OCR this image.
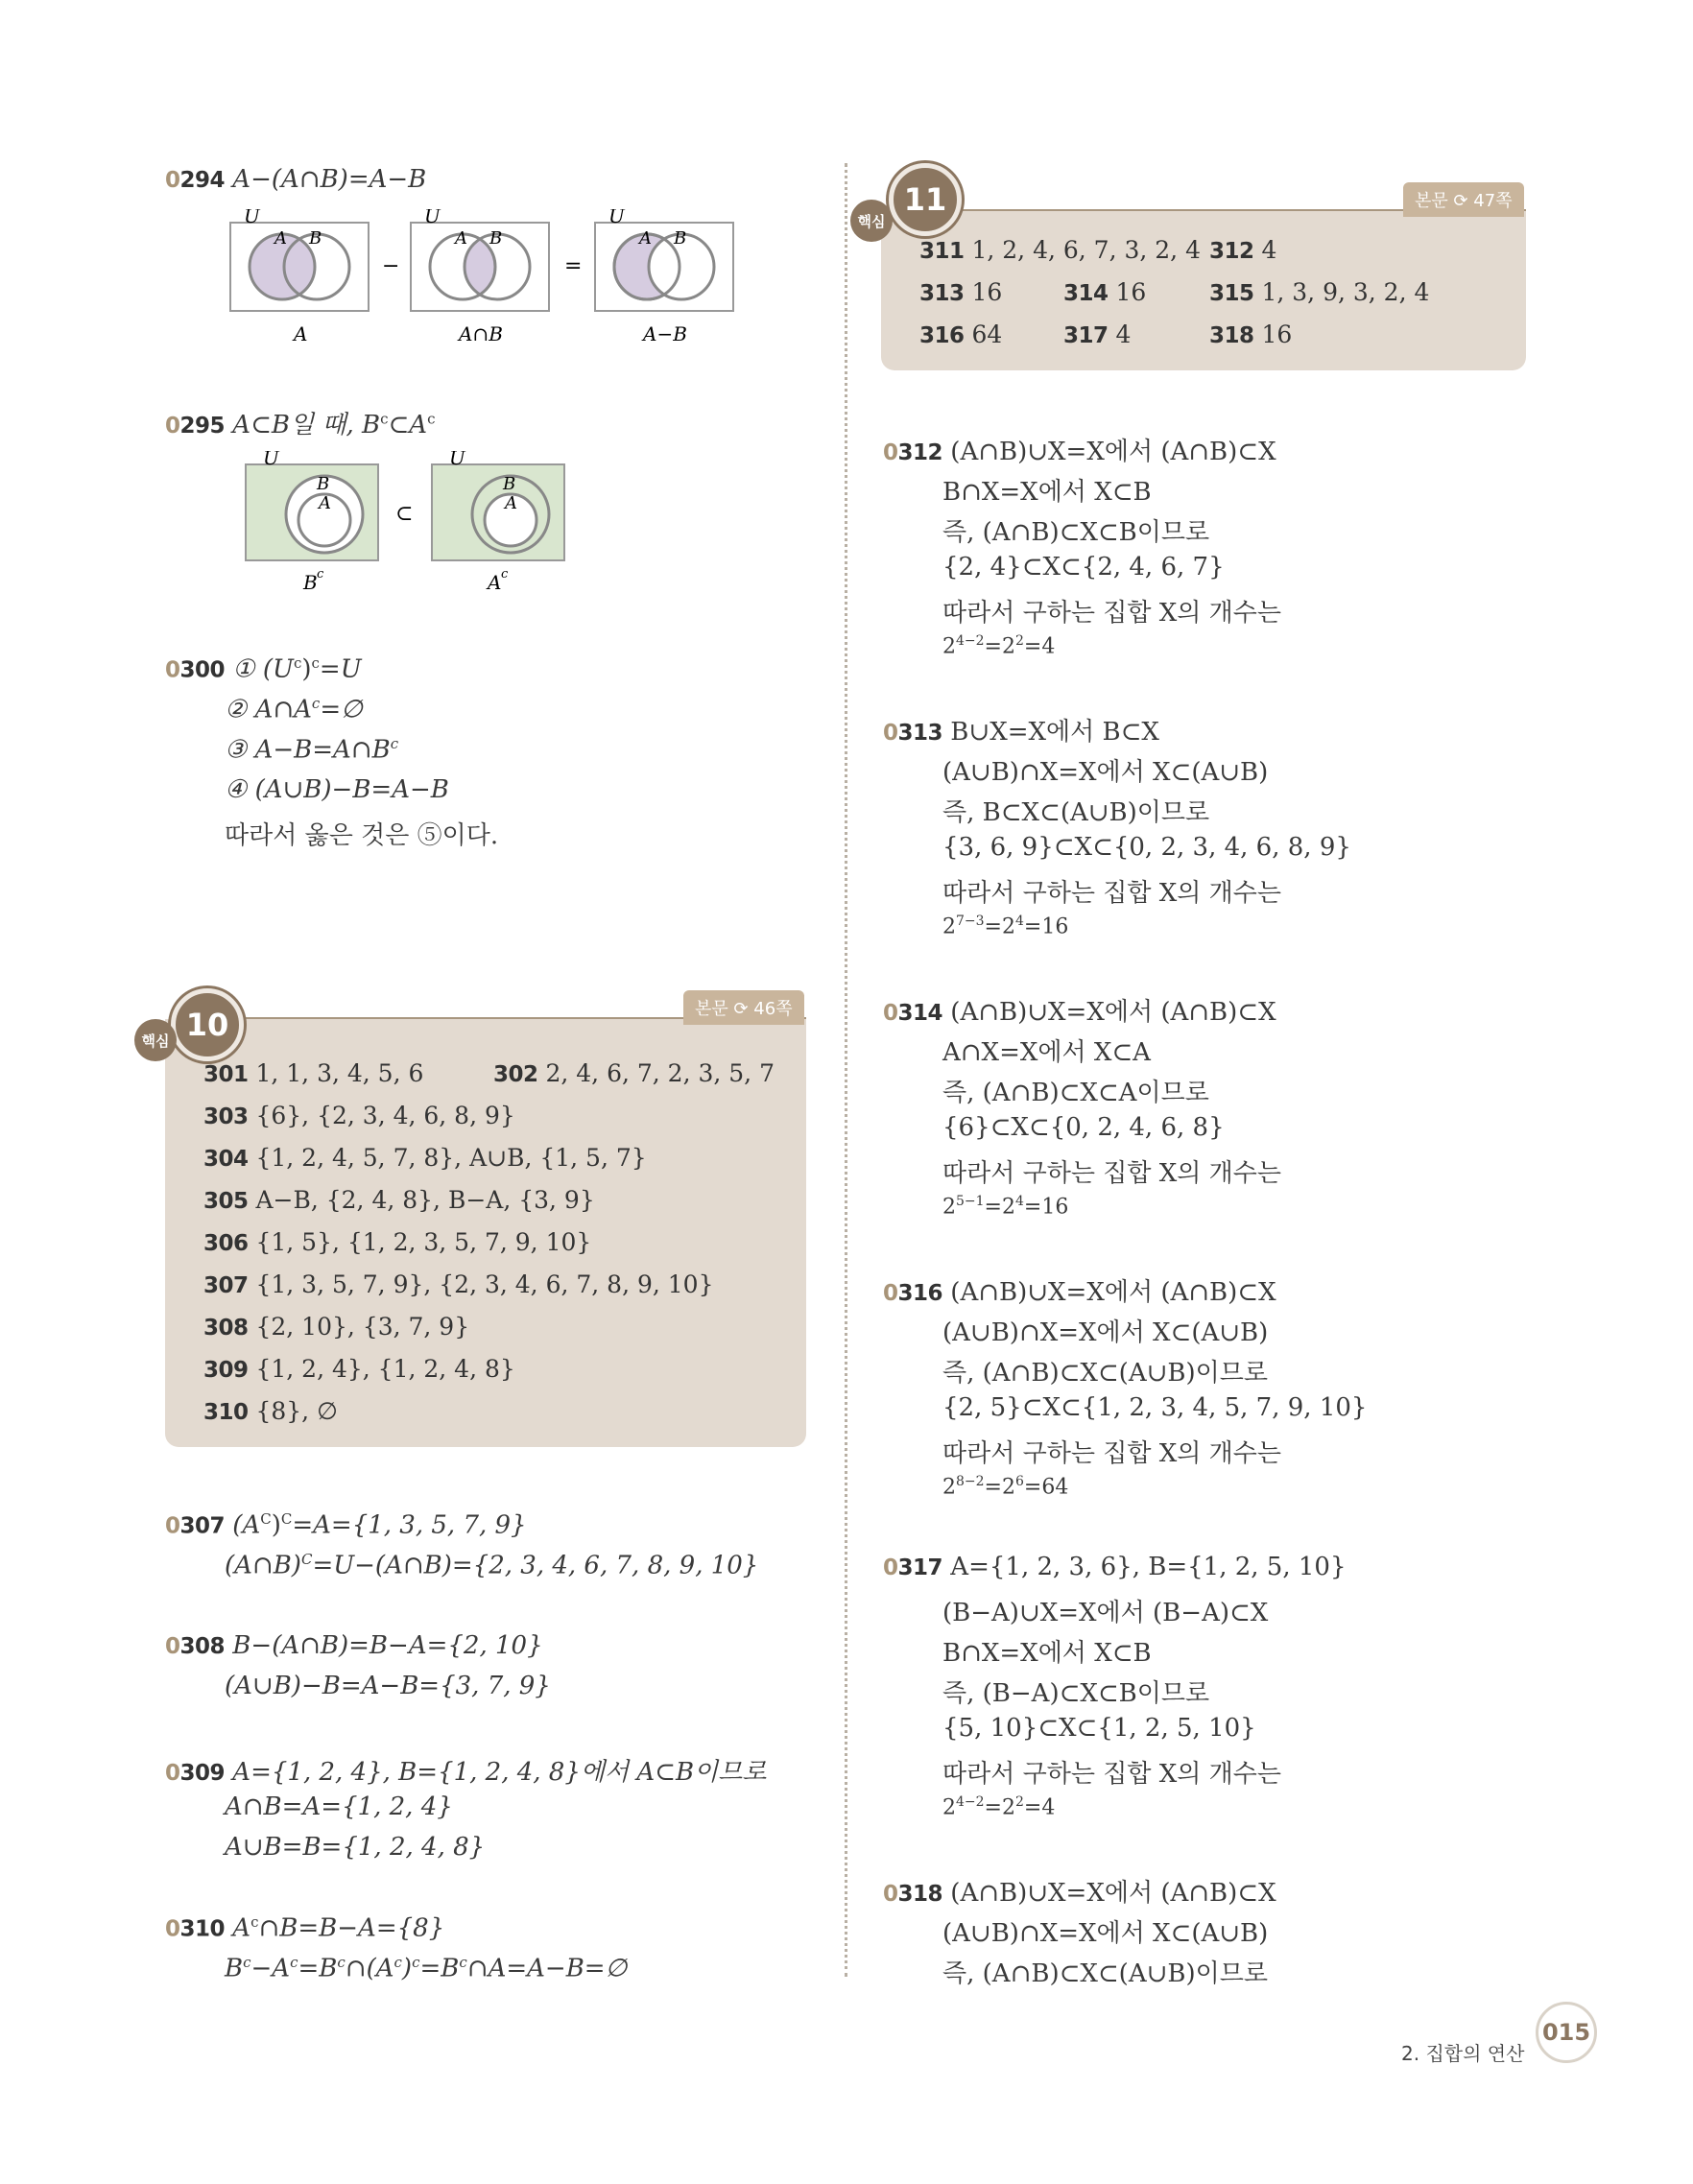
0294 A−(A∩B)=A−B
U
A B
−
U
A B
=
U
A B
A	A∩B	A−B
0295 A⊂B일 때, $B^c\subset A^c$
U
B
A	⊂
U
B
A
B c	A c
0300 ① $(U^c)^c=U$
② $A\cap A^c=\emptyset$
③ $A-B=A\cap B^c$
④ (A∪B)−B=A−B
따라서 옳은 것은 ⑤이다.
10
핵심
본문 ⟳ 46쪽
301 1, 1, 3, 4, 5, 6	302 2, 4, 6, 7, 2, 3, 5, 7
303 {6}, {2, 3, 4, 6, 8, 9}
304 {1, 2, 4, 5, 7, 8}, A∪B, {1, 5, 7}
305 A−B, {2, 4, 8}, B−A, {3, 9}
306 {1, 5}, {1, 2, 3, 5, 7, 9, 10}
307 {1, 3, 5, 7, 9}, {2, 3, 4, 6, 7, 8, 9, 10}
308 {2, 10}, {3, 7, 9}
309 {1, 2, 4}, {1, 2, 4, 8}
310 {8}, ∅
0307 $(A^C)^C=A=\{1$, 3, 5, 7, 9}
(A∩B)$^C$=U−(A∩B)={2, 3, 4, 6, 7, 8, 9, 10}
0308 B−(A∩B)=B−A={2, 10}
(A∪B)−B=A−B={3, 7, 9}
0309 A={1, 2, 4}, B={1, 2, 4, 8}에서 A⊂B이므로
A∩B=A={1, 2, 4}
A∪B=B={1, 2, 4, 8}
0310 $A^c\cap B=B-A=\{8\}$
$B^c-A^c=B^c\cap(A^c)^c=B^c\cap A=A-B=\emptyset$
11
핵심
본문 ⟳ 47쪽
311 1, 2, 4, 6, 7, 3, 2, 4 312 4
313 16	314 16	315 1, 3, 9, 3, 2, 4
316 64	317 4	318 16
0312 (A∩B)∪X=X에서 (A∩B)⊂X
B∩X=X에서 X⊂B
즉, (A∩B)⊂X⊂B이므로
{2, 4}⊂X⊂{2, 4, 6, 7}
따라서 구하는 집합 X의 개수는
$2^{4-2}=2^2=4$
0313 B∪X=X에서 B⊂X
(A∪B)∩X=X에서 X⊂(A∪B)
즉, B⊂X⊂(A∪B)이므로
{3, 6, 9}⊂X⊂{0, 2, 3, 4, 6, 8, 9}
따라서 구하는 집합 X의 개수는
$2^{7-3}=2^4=16$
0314 (A∩B)∪X=X에서 (A∩B)⊂X
A∩X=X에서 X⊂A
즉, (A∩B)⊂X⊂A이므로
{6}⊂X⊂{0, 2, 4, 6, 8}
따라서 구하는 집합 X의 개수는
$2^{5-1}=2^4=16$
0316 (A∩B)∪X=X에서 (A∩B)⊂X
(A∪B)∩X=X에서 X⊂(A∪B)
즉, (A∩B)⊂X⊂(A∪B)이므로
{2, 5}⊂X⊂{1, 2, 3, 4, 5, 7, 9, 10}
따라서 구하는 집합 X의 개수는
$2^{8-2}=2^6=64$
0317 A={1, 2, 3, 6}, B={1, 2, 5, 10}
(B−A)∪X=X에서 (B−A)⊂X
B∩X=X에서 X⊂B
즉, (B−A)⊂X⊂B이므로
{5, 10}⊂X⊂{1, 2, 5, 10}
따라서 구하는 집합 X의 개수는
$2^{4-2}=2^2=4$
0318 (A∩B)∪X=X에서 (A∩B)⊂X
(A∪B)∩X=X에서 X⊂(A∪B)
즉, (A∩B)⊂X⊂(A∪B)이므로
2. 집합의 연산
015
